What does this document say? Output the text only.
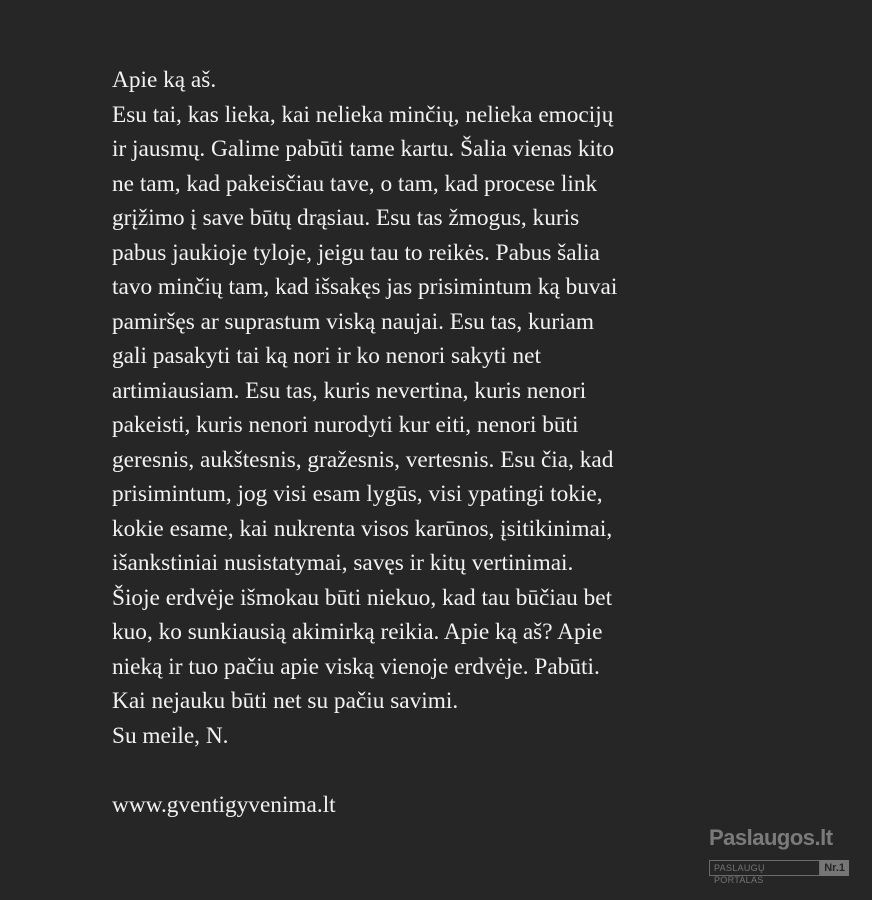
Apie ką aš.
Esu tai, kas lieka, kai nelieka minčių, nelieka emocijų
ir jausmų. Galime pabūti tame kartu. Šalia vienas kito
ne tam, kad pakeisčiau tave, o tam, kad procese link
grįžimo į save būtų drąsiau. Esu tas žmogus, kuris
pabus jaukioje tyloje, jeigu tau to reikės. Pabus šalia
tavo minčių tam, kad išsakęs jas prisimintum ką buvai
pamiršęs ar suprastum viską naujai. Esu tas, kuriam
gali pasakyti tai ką nori ir ko nenori sakyti net
artimiausiam. Esu tas, kuris nevertina, kuris nenori
pakeisti, kuris nenori nurodyti kur eiti, nenori būti
geresnis, aukštesnis, gražesnis, vertesnis. Esu čia, kad
prisimintum, jog visi esam lygūs, visi ypatingi tokie,
kokie esame, kai nukrenta visos karūnos, įsitikinimai,
išankstiniai nusistatymai, savęs ir kitų vertinimai.
Šioje erdvėje išmokau būti niekuo, kad tau būčiau bet
kuo, ko sunkiausią akimirką reikia. Apie ką aš? Apie
nieką ir tuo pačiu apie viską vienoje erdvėje. Pabūti.
Kai nejauku būti net su pačiu savimi.
Su meile, N.
www.gventigyvenima.lt
Paslaugos.lt
PASLAUGŲ PORTALAS
Nr.1
